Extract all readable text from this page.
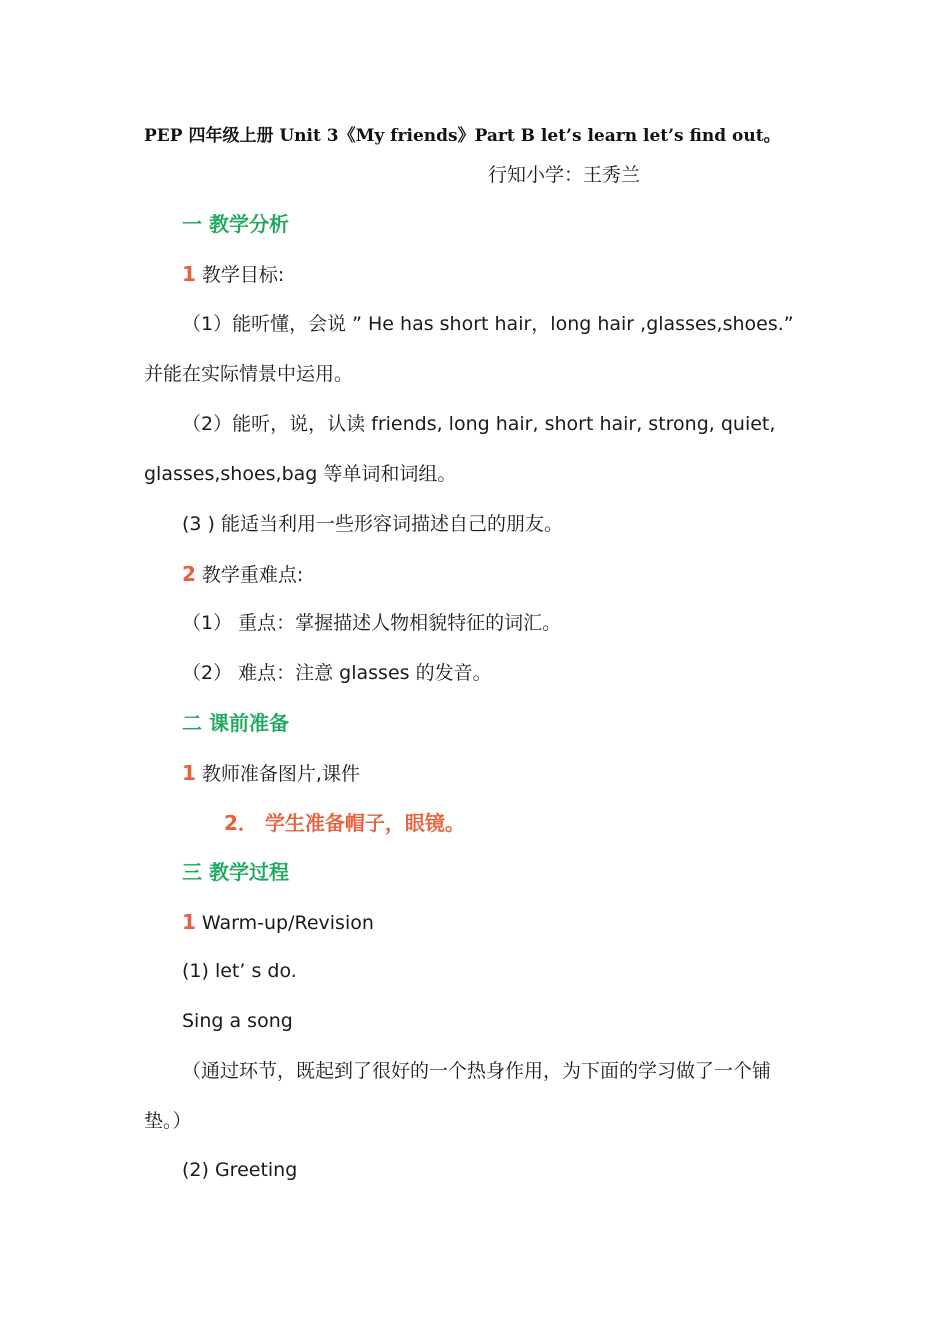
PEP 四年级上册 Unit 3《My friends》Part B let’s learn let’s find out。
行知小学：王秀兰
一 教学分析
1 教学目标:
（1）能听懂，会说 ” He has short hair，long hair ,glasses,shoes.”
并能在实际情景中运用。
（2）能听，说，认读 friends, long hair, short hair, strong, quiet,
glasses,shoes,bag 等单词和词组。
(3 ) 能适当利用一些形容词描述自己的朋友。
2 教学重难点:
（1） 重点：掌握描述人物相貌特征的词汇。
（2） 难点：注意 glasses 的发音。
二 课前准备
1 教师准备图片,课件
2． 学生准备帽子，眼镜。
三 教学过程
1 Warm-up/Revision
(1) let’ s do.
Sing a song
（通过环节，既起到了很好的一个热身作用，为下面的学习做了一个铺
垫。）
(2) Greeting
